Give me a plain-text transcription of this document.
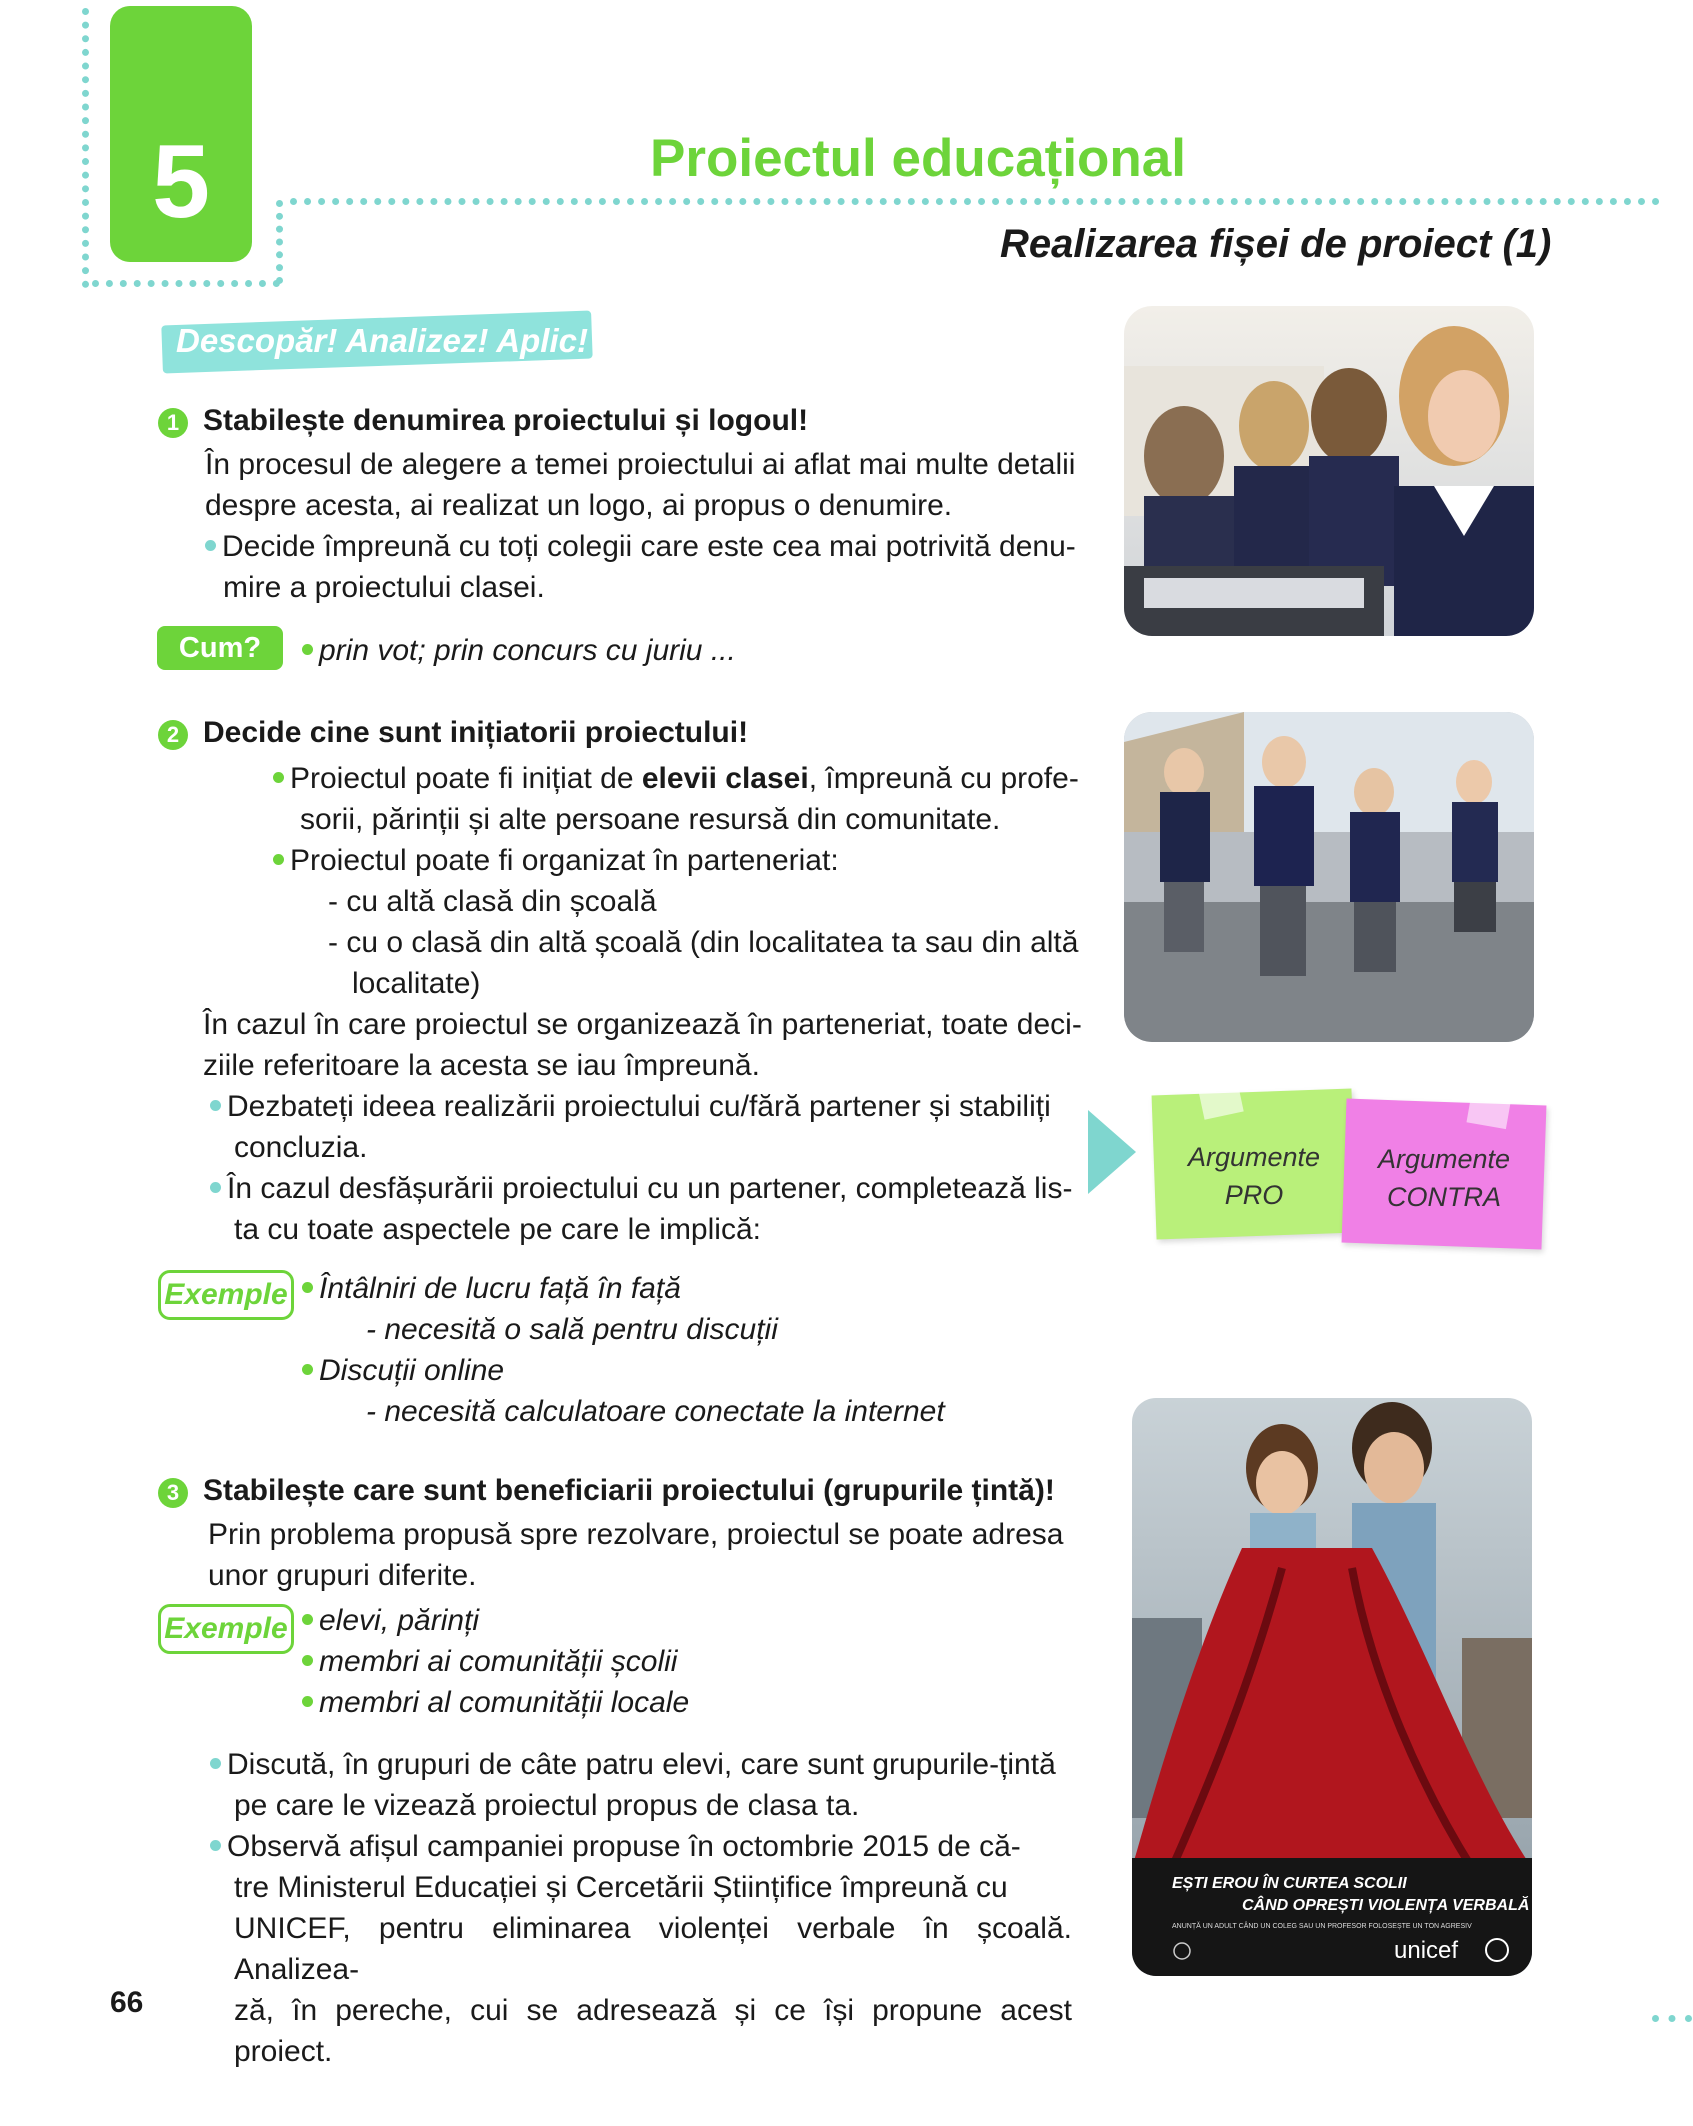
5	Proiectul educațional
Realizarea fișei de proiect (1)
Descopăr! Analizez! Aplic!
1 Stabilește denumirea proiectului și logoul!
În procesul de alegere a temei proiectului ai aflat mai multe detalii
despre acesta, ai realizat un logo, ai propus o denumire.
Decide împreună cu toți colegii care este cea mai potrivită denu-
mire a proiectului clasei.
Cum?	prin vot; prin concurs cu juriu ...
2 Decide cine sunt inițiatorii proiectului!
Proiectul poate fi inițiat de elevii clasei, împreună cu profe-
sorii, părinții și alte persoane resursă din comunitate.
Proiectul poate fi organizat în parteneriat:
- cu altă clasă din școală
- cu o clasă din altă școală (din localitatea ta sau din altă
localitate)
În cazul în care proiectul se organizează în parteneriat, toate deci-
ziile referitoare la acesta se iau împreună.
Dezbateți ideea realizării proiectului cu/fără partener și stabiliți
concluzia.
În cazul desfășurării proiectului cu un partener, completează lis-
ta cu toate aspectele pe care le implică:
Exemple	Întâlniri de lucru față în față
- necesită o sală pentru discuții
Discuții online
- necesită calculatoare conectate la internet
3 Stabilește care sunt beneficiarii proiectului (grupurile țintă)!
Prin problema propusă spre rezolvare, proiectul se poate adresa
unor grupuri diferite.
Exemple	elevi, părinți
membri ai comunității școlii
membri al comunității locale
Discută, în grupuri de câte patru elevi, care sunt grupurile-țintă
pe care le vizează proiectul propus de clasa ta.
Observă afișul campaniei propuse în octombrie 2015 de că-
tre Ministerul Educației și Cercetării Științifice împreună cu
UNICEF, pentru eliminarea violenței verbale în școală. Analizea-
ză, în pereche, cui se adresează și ce își propune acest proiect.
Argumente
PRO
Argumente
CONTRA
EȘTI EROU ÎN CURTEA SCOLII
CÂND OPREȘTI VIOLENȚA VERBALĂ
ANUNȚĂ UN ADULT CÂND UN COLEG SAU UN PROFESOR FOLOSEȘTE UN TON AGRESIV
unicef
66
